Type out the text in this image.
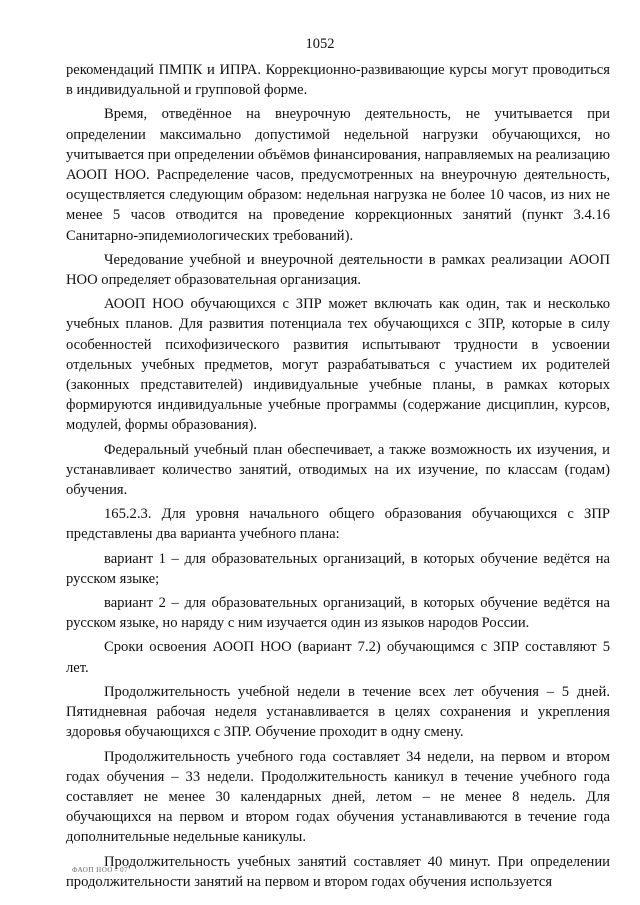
1052

рекомендаций ПМПК и ИПРА. Коррекционно-развивающие курсы могут проводиться в индивидуальной и групповой форме.

Время, отведённое на внеурочную деятельность, не учитывается при определении максимально допустимой недельной нагрузки обучающихся, но учитывается при определении объёмов финансирования, направляемых на реализацию АООП НОО. Распределение часов, предусмотренных на внеурочную деятельность, осуществляется следующим образом: недельная нагрузка не более 10 часов, из них не менее 5 часов отводится на проведение коррекционных занятий (пункт 3.4.16 Санитарно-эпидемиологических требований).

Чередование учебной и внеурочной деятельности в рамках реализации АООП НОО определяет образовательная организация.

АООП НОО обучающихся с ЗПР может включать как один, так и несколько учебных планов. Для развития потенциала тех обучающихся с ЗПР, которые в силу особенностей психофизического развития испытывают трудности в усвоении отдельных учебных предметов, могут разрабатываться с участием их родителей (законных представителей) индивидуальные учебные планы, в рамках которых формируются индивидуальные учебные программы (содержание дисциплин, курсов, модулей, формы образования).

Федеральный учебный план обеспечивает, а также возможность их изучения, и устанавливает количество занятий, отводимых на их изучение, по классам (годам) обучения.

165.2.3. Для уровня начального общего образования обучающихся с ЗПР представлены два варианта учебного плана:

вариант 1 – для образовательных организаций, в которых обучение ведётся на русском языке;

вариант 2 – для образовательных организаций, в которых обучение ведётся на русском языке, но наряду с ним изучается один из языков народов России.

Сроки освоения АООП НОО (вариант 7.2) обучающимся с ЗПР составляют 5 лет.

Продолжительность учебной недели в течение всех лет обучения – 5 дней. Пятидневная рабочая неделя устанавливается в целях сохранения и укрепления здоровья обучающихся с ЗПР. Обучение проходит в одну смену.

Продолжительность учебного года составляет 34 недели, на первом и втором годах обучения – 33 недели. Продолжительность каникул в течение учебного года составляет не менее 30 календарных дней, летом – не менее 8 недель. Для обучающихся на первом и втором годах обучения устанавливаются в течение года дополнительные недельные каникулы.

Продолжительность учебных занятий составляет 40 минут. При определении продолжительности занятий на первом и втором годах обучения используется

ФАОП НОО - 07
